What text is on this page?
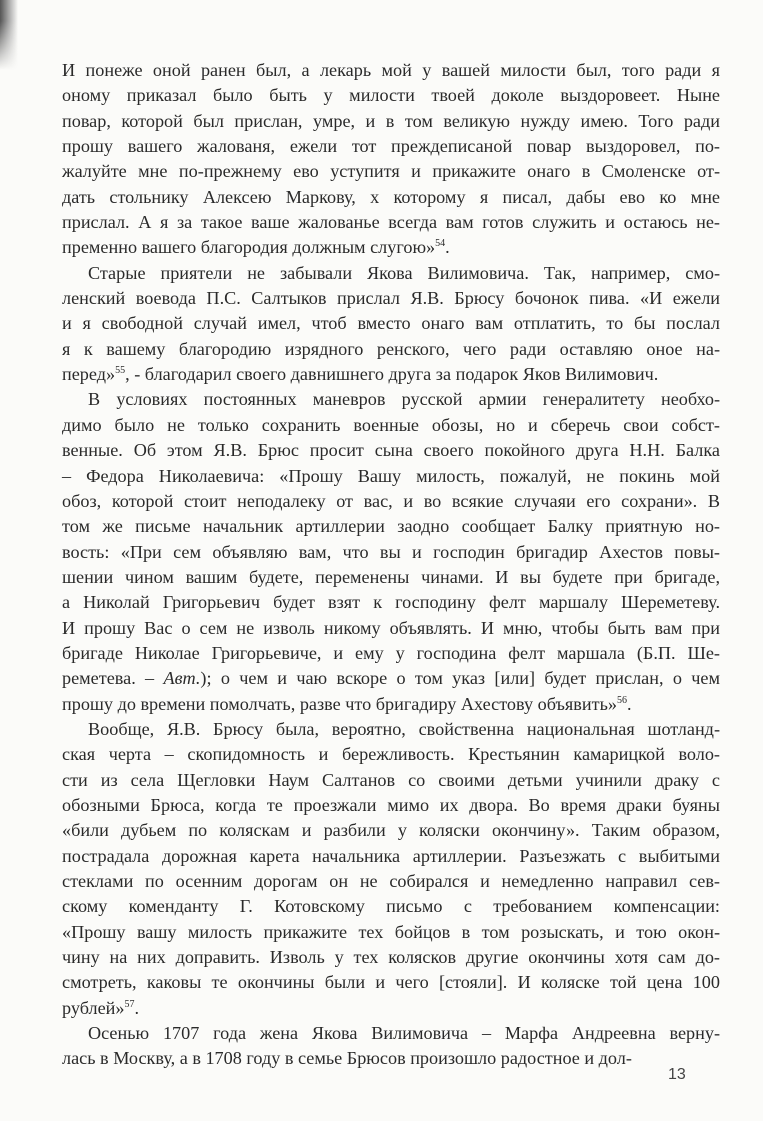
И понеже оной ранен был, а лекарь мой у вашей милости был, того ради я
оному приказал было быть у милости твоей доколе выздоровеет. Ныне
повар, которой был прислан, умре, и в том великую нужду имею. Того ради
прошу вашего жалованя, ежели тот преждеписаной повар выздоровел, по-
жалуйте мне по-прежнему ево уступитя и прикажите онаго в Смоленске от-
дать стольнику Алексею Маркову, х которому я писал, дабы ево ко мне
прислал. А я за такое ваше жалованье всегда вам готов служить и остаюсь не-
пременно вашего благородия должным слугою»$^{54}$.
Старые приятели не забывали Якова Вилимовича. Так, например, смо-
ленский воевода П.С. Салтыков прислал Я.В. Брюсу бочонок пива. «И ежели
и я свободной случай имел, чтоб вместо онаго вам отплатить, то бы послал
я к вашему благородию изрядного ренского, чего ради оставляю оное на-
перед»$^{55}$, - благодарил своего давнишнего друга за подарок Яков Вилимович.
В условиях постоянных маневров русской армии генералитету необхо-
димо было не только сохранить военные обозы, но и сберечь свои собст-
венные. Об этом Я.В. Брюс просит сына своего покойного друга Н.Н. Балка
– Федора Николаевича: «Прошу Вашу милость, пожалуй, не покинь мой
обоз, которой стоит неподалеку от вас, и во всякие случаяи его сохрани». В
том же письме начальник артиллерии заодно сообщает Балку приятную но-
вость: «При сем объявляю вам, что вы и господин бригадир Ахестов повы-
шении чином вашим будете, переменены чинами. И вы будете при бригаде,
а Николай Григорьевич будет взят к господину фелт маршалу Шереметеву.
И прошу Вас о сем не изволь никому объявлять. И мню, чтобы быть вам при
бригаде Николае Григорьевиче, и ему у господина фелт маршала (Б.П. Ше-
реметева. – Авт.); о чем и чаю вскоре о том указ [или] будет прислан, о чем
прошу до времени помолчать, разве что бригадиру Ахестову объявить»$^{56}$.
Вообще, Я.В. Брюсу была, вероятно, свойственна национальная шотланд-
ская черта – скопидомность и бережливость. Крестьянин камарицкой воло-
сти из села Щегловки Наум Салтанов со своими детьми учинили драку с
обозными Брюса, когда те проезжали мимо их двора. Во время драки буяны
«били дубьем по коляскам и разбили у коляски окончину». Таким образом,
пострадала дорожная карета начальника артиллерии. Разъезжать с выбитыми
стеклами по осенним дорогам он не собирался и немедленно направил сев-
скому коменданту Г. Котовскому письмо с требованием компенсации:
«Прошу вашу милость прикажите тех бойцов в том розыскать, и тою окон-
чину на них доправить. Изволь у тех колясков другие окончины хотя сам до-
смотреть, каковы те окончины были и чего [стояли]. И коляске той цена 100
рублей»$^{57}$.
Осенью 1707 года жена Якова Вилимовича – Марфа Андреевна верну-
лась в Москву, а в 1708 году в семье Брюсов произошло радостное и дол-
13
